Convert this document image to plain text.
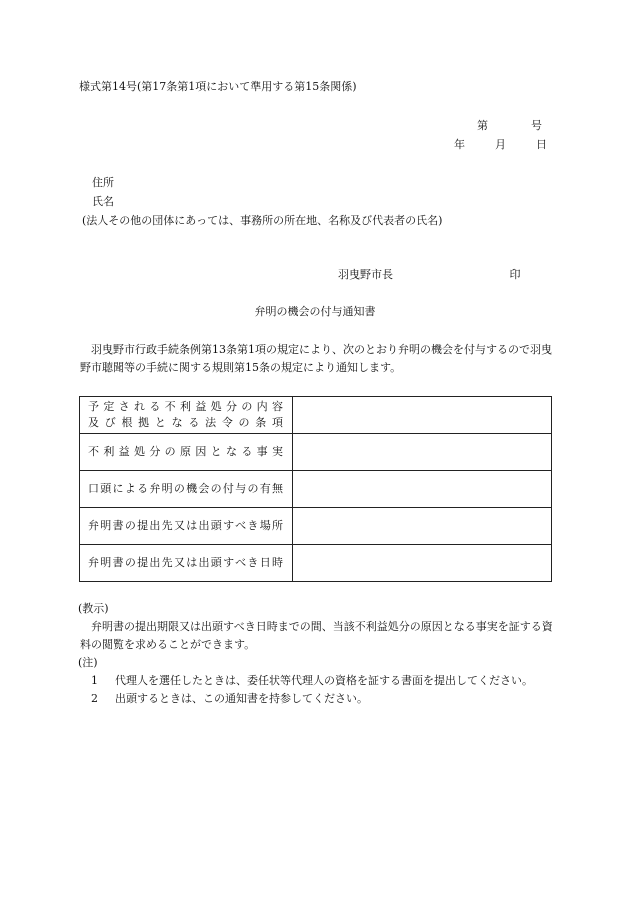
様式第14号(第17条第1項において準用する第15条関係)
第	号
年	月	日
住所
氏名
(法人その他の団体にあっては、事務所の所在地、名称及び代表者の氏名)
羽曳野市長	印
弁明の機会の付与通知書

羽曳野市行政手続条例第13条第1項の規定により、次のとおり弁明の機会を付与するので羽曳野市聴聞等の手続に関する規則第15条の規定により通知します。

予定される不利益処分の内容
及び根拠となる法令の条項	

不利益処分の原因となる事実	
口頭による弁明の機会の付与の有無	
弁明書の提出先又は出頭すべき場所	
弁明書の提出先又は出頭すべき日時	
(教示)

弁明書の提出期限又は出頭すべき日時までの間、当該不利益処分の原因となる事実を証する資料の閲覧を求めることができます。

(注)
1 代理人を選任したときは、委任状等代理人の資格を証する書面を提出してください。
2 出頭するときは、この通知書を持参してください。
